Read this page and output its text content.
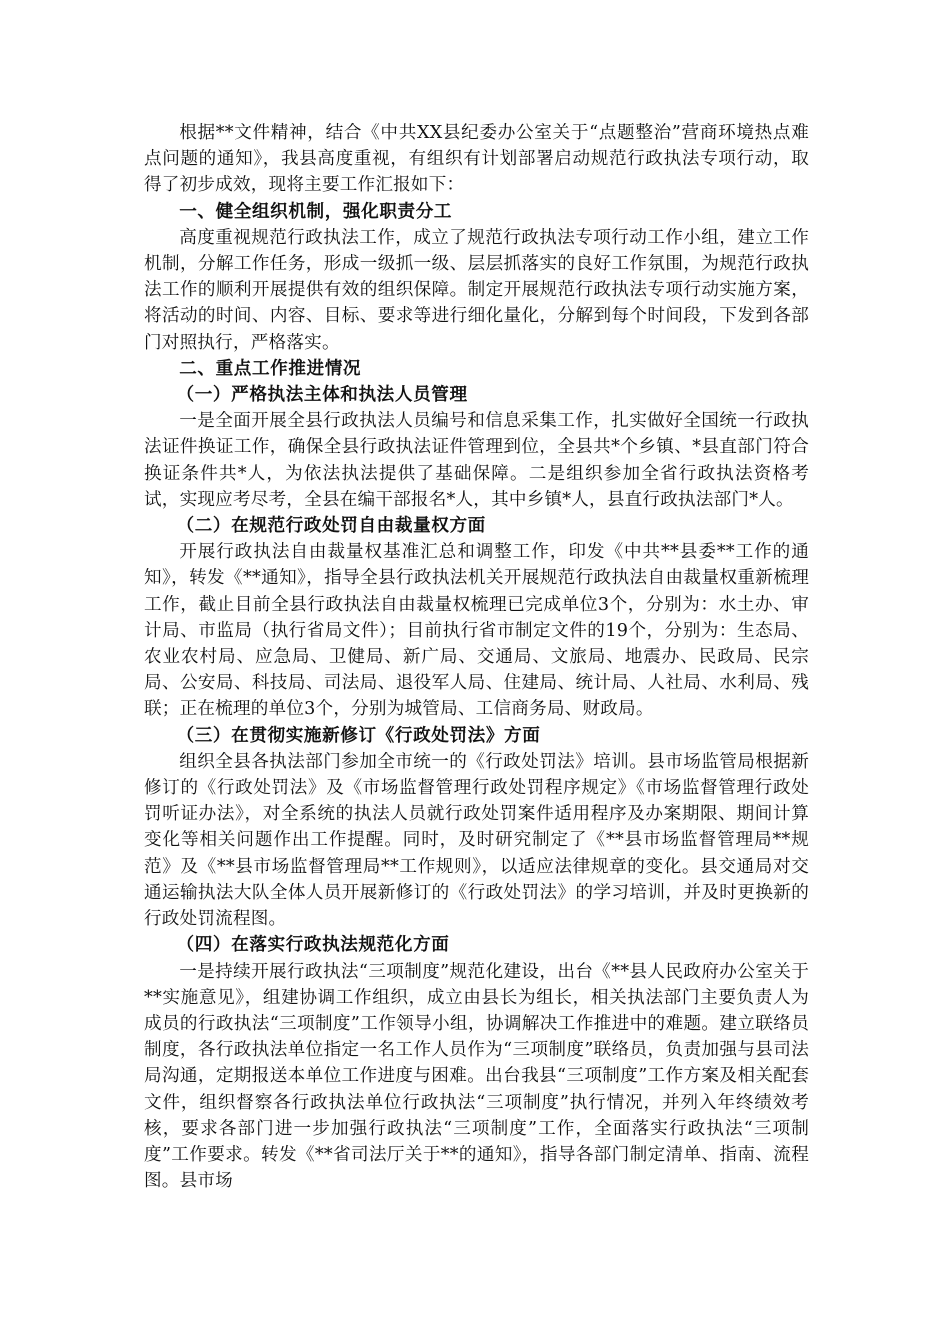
根据**文件精神，结合《中共XX县纪委办公室关于“点题整治”营商环境热点难点问题的通知》，我县高度重视，有组织有计划部署启动规范行政执法专项行动，取得了初步成效，现将主要工作汇报如下：

一、健全组织机制，强化职责分工

高度重视规范行政执法工作，成立了规范行政执法专项行动工作小组，建立工作机制，分解工作任务，形成一级抓一级、层层抓落实的良好工作氛围，为规范行政执法工作的顺利开展提供有效的组织保障。制定开展规范行政执法专项行动实施方案，将活动的时间、内容、目标、要求等进行细化量化，分解到每个时间段，下发到各部门对照执行，严格落实。

二、重点工作推进情况

（一）严格执法主体和执法人员管理

一是全面开展全县行政执法人员编号和信息采集工作，扎实做好全国统一行政执法证件换证工作，确保全县行政执法证件管理到位，全县共*个乡镇、*县直部门符合换证条件共*人，为依法执法提供了基础保障。二是组织参加全省行政执法资格考试，实现应考尽考，全县在编干部报名*人，其中乡镇*人，县直行政执法部门*人。

（二）在规范行政处罚自由裁量权方面

开展行政执法自由裁量权基准汇总和调整工作，印发《中共**县委**工作的通知》，转发《**通知》，指导全县行政执法机关开展规范行政执法自由裁量权重新梳理工作，截止目前全县行政执法自由裁量权梳理已完成单位3个，分别为：水土办、审计局、市监局（执行省局文件）；目前执行省市制定文件的19个，分别为：生态局、农业农村局、应急局、卫健局、新广局、交通局、文旅局、地震办、民政局、民宗局、公安局、科技局、司法局、退役军人局、住建局、统计局、人社局、水利局、残联；正在梳理的单位3个，分别为城管局、工信商务局、财政局。

（三）在贯彻实施新修订《行政处罚法》方面

组织全县各执法部门参加全市统一的《行政处罚法》培训。县市场监管局根据新修订的《行政处罚法》及《市场监督管理行政处罚程序规定》《市场监督管理行政处罚听证办法》，对全系统的执法人员就行政处罚案件适用程序及办案期限、期间计算变化等相关问题作出工作提醒。同时，及时研究制定了《**县市场监督管理局**规范》及《**县市场监督管理局**工作规则》，以适应法律规章的变化。县交通局对交通运输执法大队全体人员开展新修订的《行政处罚法》的学习培训，并及时更换新的行政处罚流程图。

（四）在落实行政执法规范化方面

一是持续开展行政执法“三项制度”规范化建设，出台《**县人民政府办公室关于**实施意见》，组建协调工作组织，成立由县长为组长，相关执法部门主要负责人为成员的行政执法“三项制度”工作领导小组，协调解决工作推进中的难题。建立联络员制度，各行政执法单位指定一名工作人员作为“三项制度”联络员，负责加强与县司法局沟通，定期报送本单位工作进度与困难。出台我县“三项制度”工作方案及相关配套文件，组织督察各行政执法单位行政执法“三项制度”执行情况，并列入年终绩效考核，要求各部门进一步加强行政执法“三项制度”工作，全面落实行政执法“三项制度”工作要求。转发《**省司法厅关于**的通知》，指导各部门制定清单、指南、流程图。县市场
